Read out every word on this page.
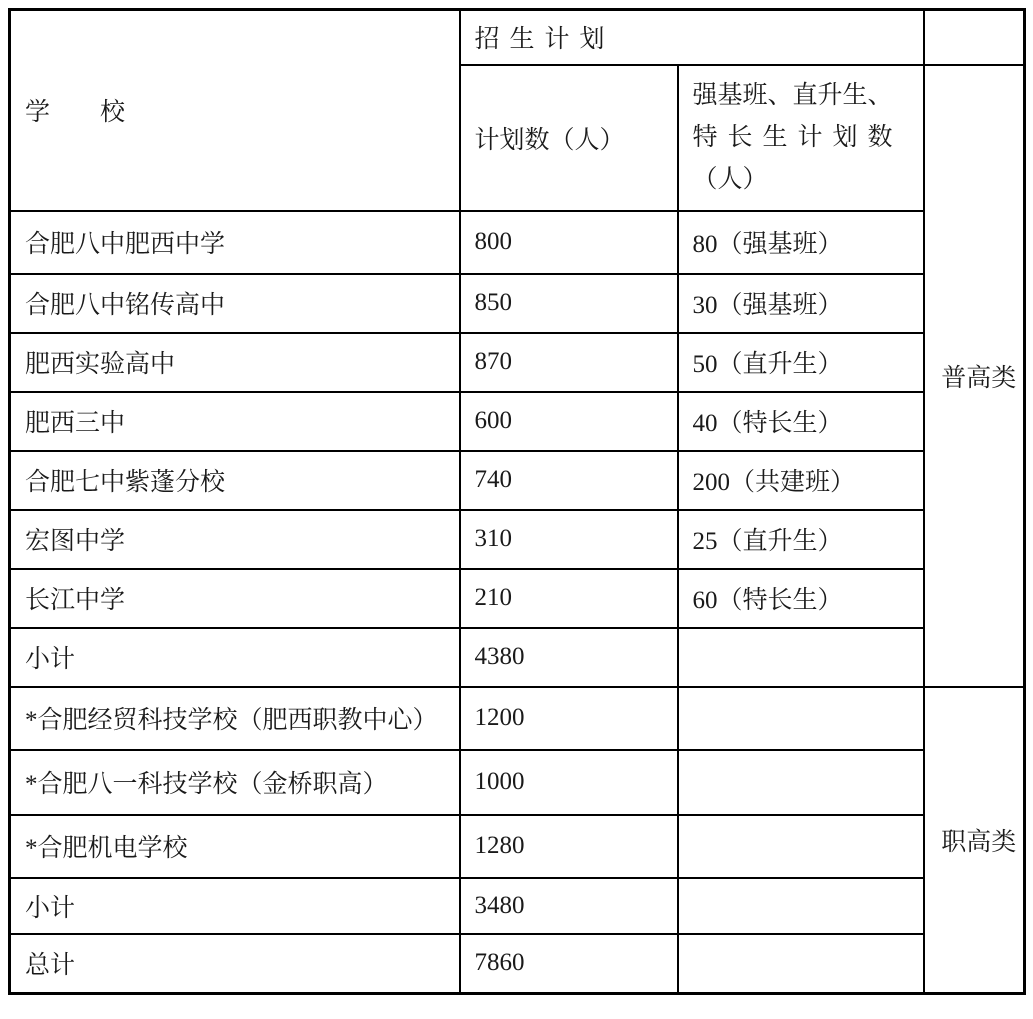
学　　校	招生计划		
	计划数（人）	强基班、直升生、
特长生计划数
（人）	普高类
合肥八中肥西中学	800	80（强基班）	
合肥八中铭传高中	850	30（强基班）	
肥西实验高中	870	50（直升生）	
肥西三中	600	40（特长生）	
合肥七中紫蓬分校	740	200（共建班）	
宏图中学	310	25（直升生）	
长江中学	210	60（特长生）	
小计	4380		
*合肥经贸科技学校（肥西职教中心）	1200		职高类
*合肥八一科技学校（金桥职高）	1000		
*合肥机电学校	1280		
小计	3480		
总计	7860		
